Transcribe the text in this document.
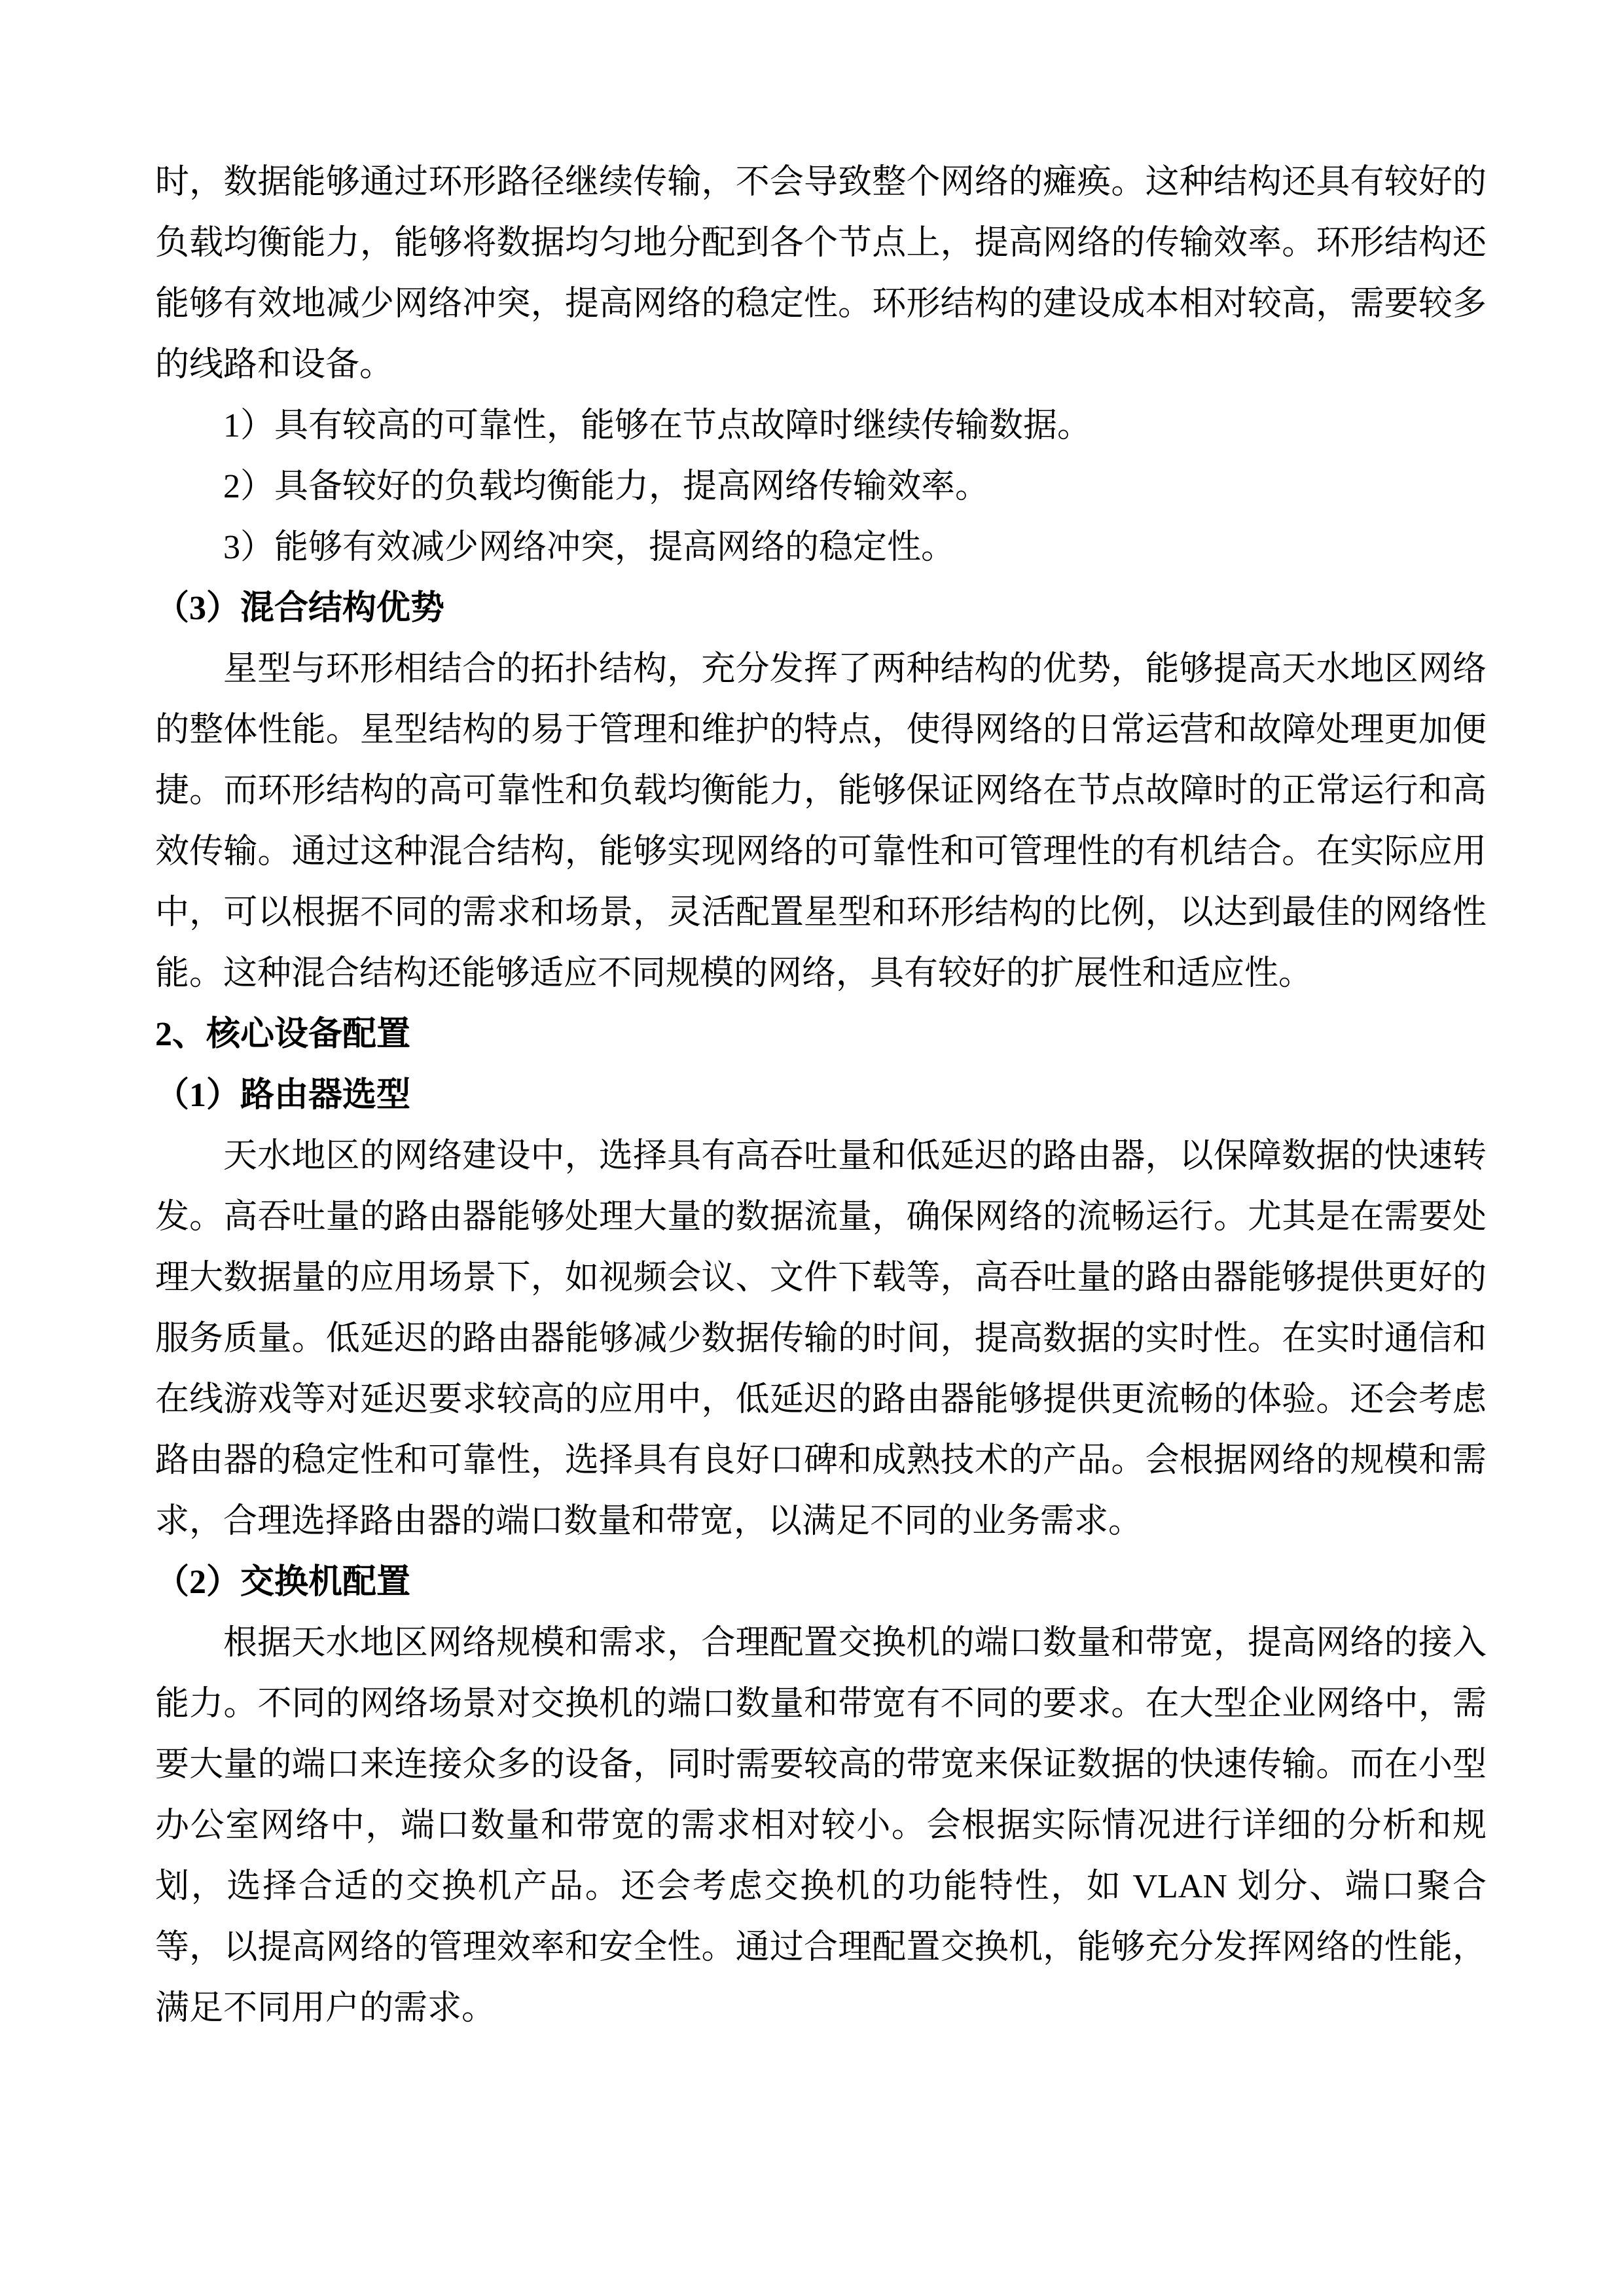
时，数据能够通过环形路径继续传输，不会导致整个网络的瘫痪。这种结构还具有较好的负载均衡能力，能够将数据均匀地分配到各个节点上，提高网络的传输效率。环形结构还能够有效地减少网络冲突，提高网络的稳定性。环形结构的建设成本相对较高，需要较多的线路和设备。

1）具有较高的可靠性，能够在节点故障时继续传输数据。

2）具备较好的负载均衡能力，提高网络传输效率。

3）能够有效减少网络冲突，提高网络的稳定性。

（3）混合结构优势

星型与环形相结合的拓扑结构，充分发挥了两种结构的优势，能够提高天水地区网络的整体性能。星型结构的易于管理和维护的特点，使得网络的日常运营和故障处理更加便捷。而环形结构的高可靠性和负载均衡能力，能够保证网络在节点故障时的正常运行和高效传输。通过这种混合结构，能够实现网络的可靠性和可管理性的有机结合。在实际应用中，可以根据不同的需求和场景，灵活配置星型和环形结构的比例，以达到最佳的网络性能。这种混合结构还能够适应不同规模的网络，具有较好的扩展性和适应性。

2、核心设备配置

（1）路由器选型

天水地区的网络建设中，选择具有高吞吐量和低延迟的路由器，以保障数据的快速转发。高吞吐量的路由器能够处理大量的数据流量，确保网络的流畅运行。尤其是在需要处理大数据量的应用场景下，如视频会议、文件下载等，高吞吐量的路由器能够提供更好的服务质量。低延迟的路由器能够减少数据传输的时间，提高数据的实时性。在实时通信和在线游戏等对延迟要求较高的应用中，低延迟的路由器能够提供更流畅的体验。还会考虑路由器的稳定性和可靠性，选择具有良好口碑和成熟技术的产品。会根据网络的规模和需求，合理选择路由器的端口数量和带宽，以满足不同的业务需求。

（2）交换机配置

根据天水地区网络规模和需求，合理配置交换机的端口数量和带宽，提高网络的接入能力。不同的网络场景对交换机的端口数量和带宽有不同的要求。在大型企业网络中，需要大量的端口来连接众多的设备，同时需要较高的带宽来保证数据的快速传输。而在小型办公室网络中，端口数量和带宽的需求相对较小。会根据实际情况进行详细的分析和规划，选择合适的交换机产品。还会考虑交换机的功能特性，如 VLAN 划分、端口聚合等，以提高网络的管理效率和安全性。通过合理配置交换机，能够充分发挥网络的性能，满足不同用户的需求。
